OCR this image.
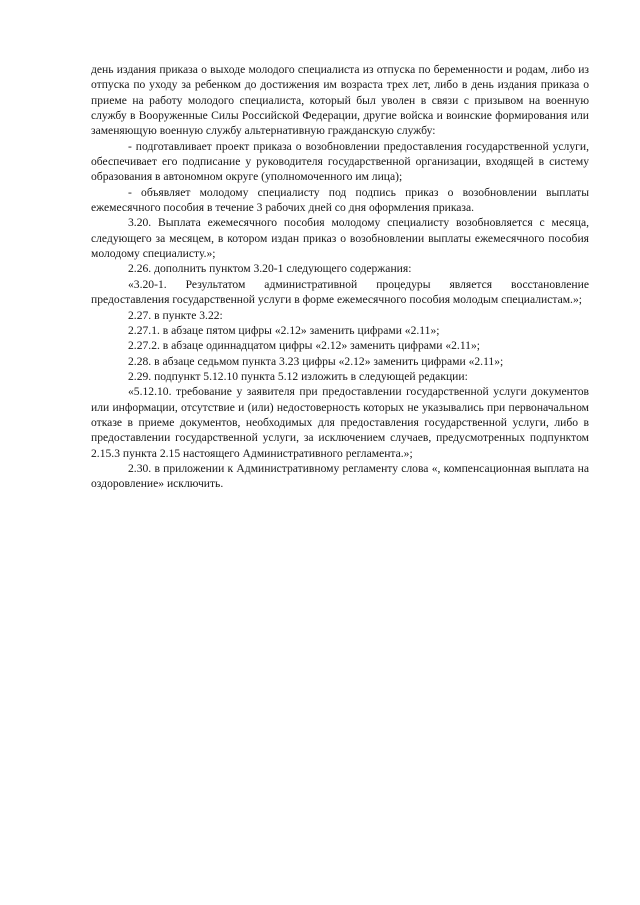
день издания приказа о выходе молодого специалиста из отпуска по беременности и родам, либо из отпуска по уходу за ребенком до достижения им возраста трех лет, либо в день издания приказа о приеме на работу молодого специалиста, который был уволен в связи с призывом на военную службу в Вооруженные Силы Российской Федерации, другие войска и воинские формирования или заменяющую военную службу альтернативную гражданскую службу:

- подготавливает проект приказа о возобновлении предоставления государственной услуги, обеспечивает его подписание у руководителя государственной организации, входящей в систему образования в автономном округе (уполномоченного им лица);

- объявляет молодому специалисту под подпись приказ о возобновлении выплаты ежемесячного пособия в течение 3 рабочих дней со дня оформления приказа.

3.20. Выплата ежемесячного пособия молодому специалисту возобновляется с месяца, следующего за месяцем, в котором издан приказ о возобновлении выплаты ежемесячного пособия молодому специалисту.»;

2.26. дополнить пунктом 3.20-1 следующего содержания:

«3.20-1. Результатом административной процедуры является восстановление предоставления государственной услуги в форме ежемесячного пособия молодым специалистам.»;

2.27. в пункте 3.22:

2.27.1. в абзаце пятом цифры «2.12» заменить цифрами «2.11»;

2.27.2. в абзаце одиннадцатом цифры «2.12» заменить цифрами «2.11»;

2.28. в абзаце седьмом пункта 3.23 цифры «2.12» заменить цифрами «2.11»;

2.29. подпункт 5.12.10 пункта 5.12 изложить в следующей редакции:

«5.12.10. требование у заявителя при предоставлении государственной услуги документов или информации, отсутствие и (или) недостоверность которых не указывались при первоначальном отказе в приеме документов, необходимых для предоставления государственной услуги, либо в предоставлении государственной услуги, за исключением случаев, предусмотренных подпунктом 2.15.3 пункта 2.15 настоящего Административного регламента.»;

2.30. в приложении к Административному регламенту слова «, компенсационная выплата на оздоровление» исключить.
